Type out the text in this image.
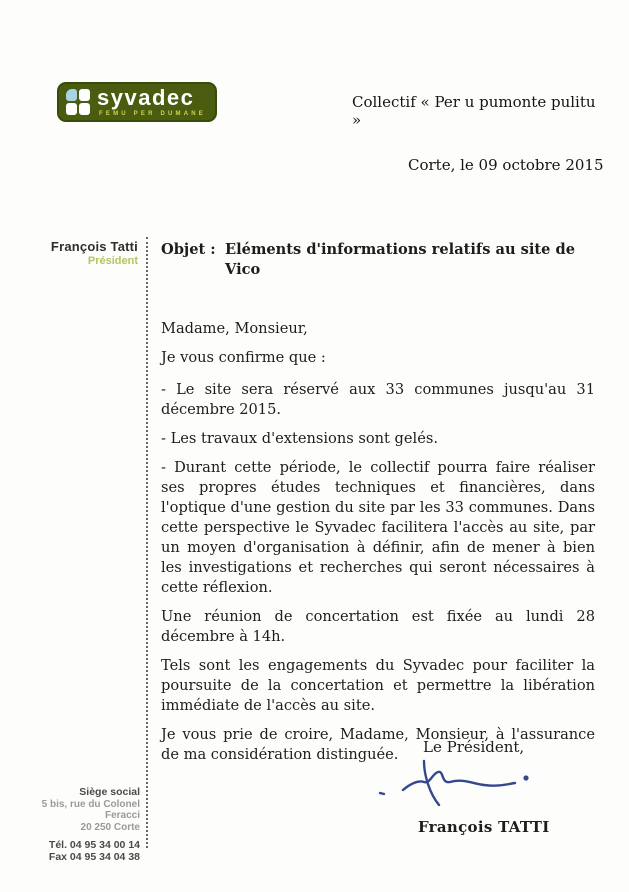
syvadec
FEMU PER DUMANE
Collectif « Per u pumonte pulitu »
Corte, le 09 octobre 2015
François Tatti
Président
Objet : Eléments d'informations relatifs au site de Vico

Madame, Monsieur,

Je vous confirme que :

- Le site sera réservé aux 33 communes jusqu'au 31 décembre 2015.

- Les travaux d'extensions sont gelés.

- Durant cette période, le collectif pourra faire réaliser ses propres études techniques et financières, dans l'optique d'une gestion du site par les 33 communes. Dans cette perspective le Syvadec facilitera l'accès au site, par un moyen d'organisation à définir, afin de mener à bien les investigations et recherches qui seront nécessaires à cette réflexion.

Une réunion de concertation est fixée au lundi 28 décembre à 14h.

Tels sont les engagements du Syvadec pour faciliter la poursuite de la concertation et permettre la libération immédiate de l'accès au site.

Je vous prie de croire, Madame, Monsieur, à l'assurance de ma considération distinguée.	Le Président,
François TATTI
Siège social
5 bis, rue du Colonel Feracci
20 250 Corte
Tél. 04 95 34 00 14
Fax 04 95 34 04 38
